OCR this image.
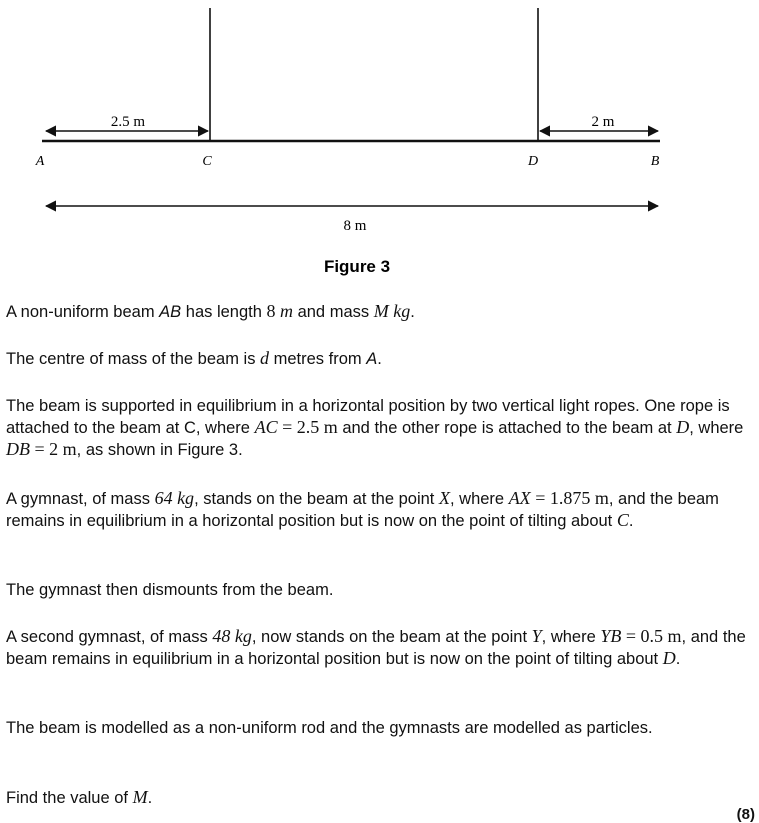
2.5 m	2 m
8 m
A	C	D	B
Figure 3

A non-uniform beam AB has length 8 m and mass M kg.

The centre of mass of the beam is d metres from A.

The beam is supported in equilibrium in a horizontal position by two vertical light ropes. One rope is attached to the beam at C, where AC = 2.5 m and the other rope is attached to the beam at D, where DB = 2 m, as shown in Figure 3.

A gymnast, of mass 64 kg, stands on the beam at the point X, where AX = 1.875 m, and the beam remains in equilibrium in a horizontal position but is now on the point of tilting about C.

The gymnast then dismounts from the beam.

A second gymnast, of mass 48 kg, now stands on the beam at the point Y, where YB = 0.5 m, and the beam remains in equilibrium in a horizontal position but is now on the point of tilting about D.

The beam is modelled as a non-uniform rod and the gymnasts are modelled as particles.

Find the value of M.

(8)
